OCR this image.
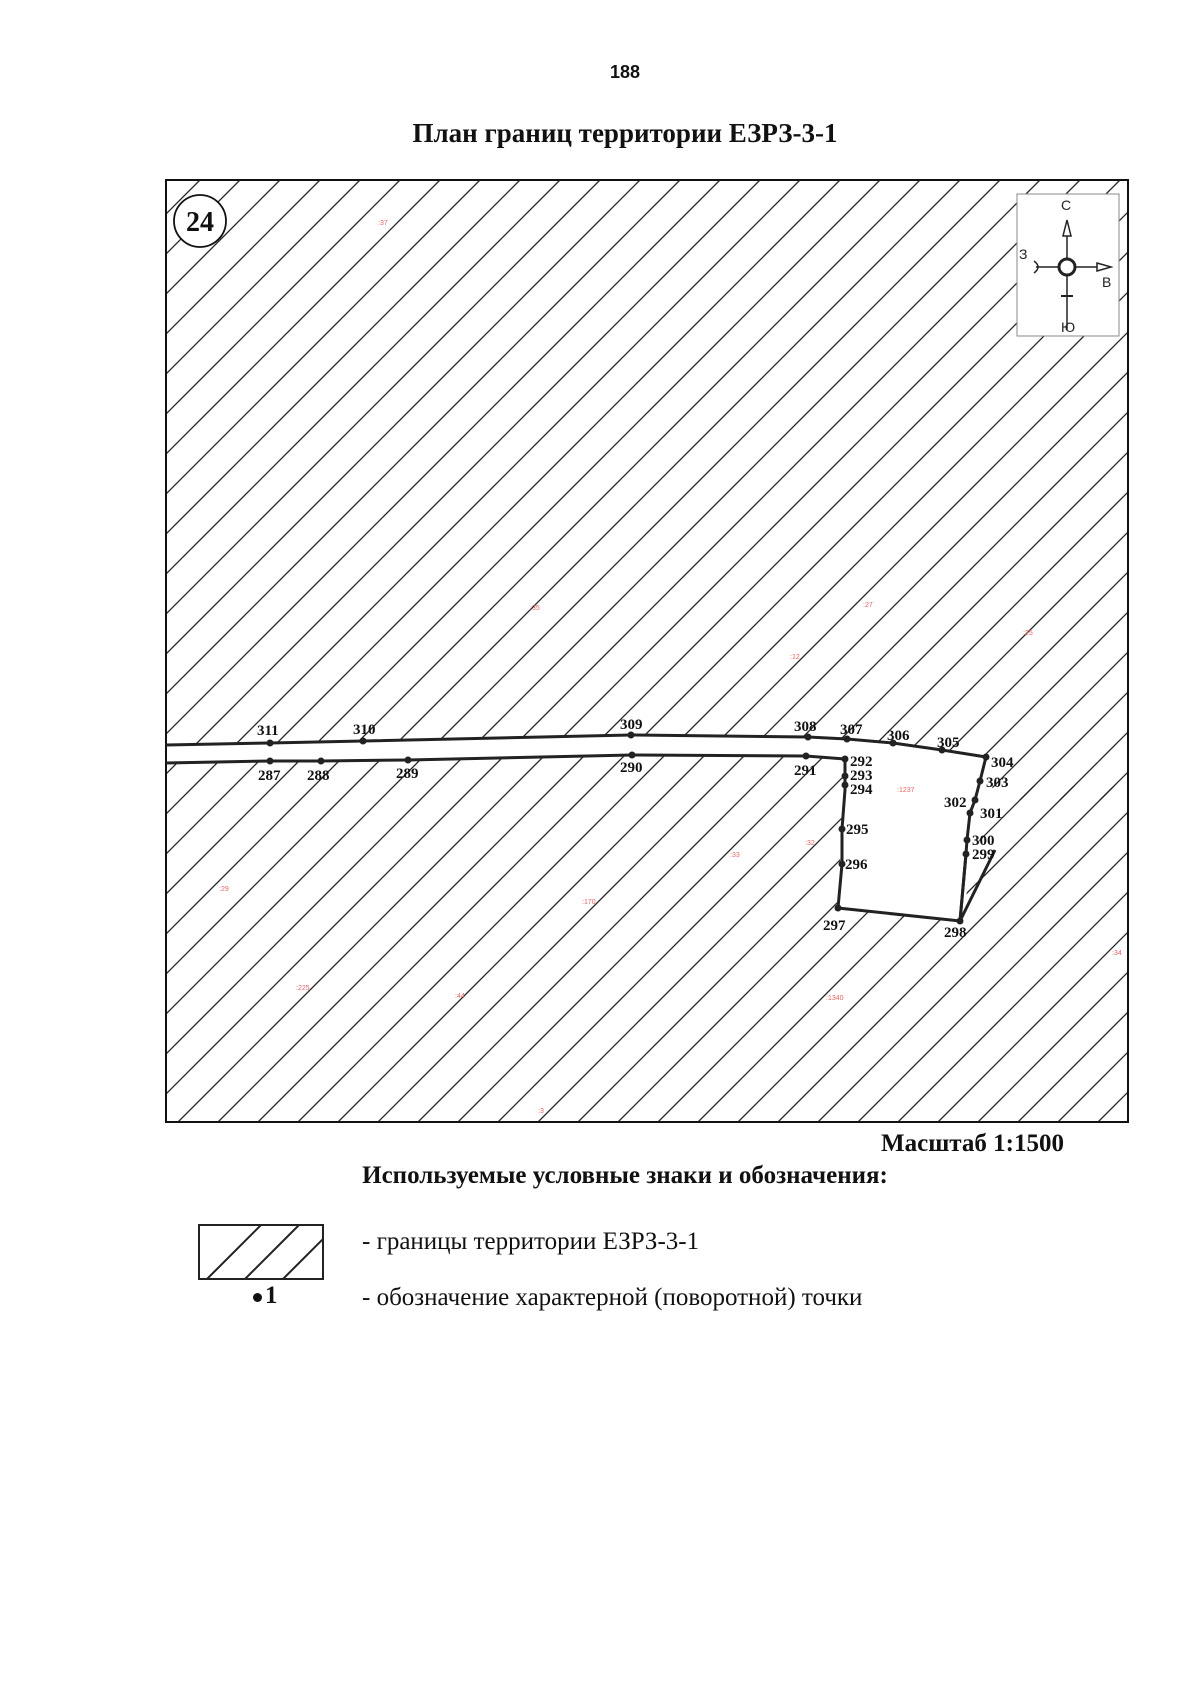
188
План границ территории ЕЗРЗ-3-1
:37
:35	:27
:25
:12
:1237
:32
:33
:170
:29
:225
:44	:1340
:34
:3
311	310	309	308 307 306 305
304
303
302
301
300
299
298
297
296
295
294
293
292
291
290
289
288
287
24
С
Ю
З
В
Масштаб 1:1500
Используемые условные знаки и обозначения:
- границы территории ЕЗРЗ-3-1
1	- обозначение характерной (поворотной) точки
